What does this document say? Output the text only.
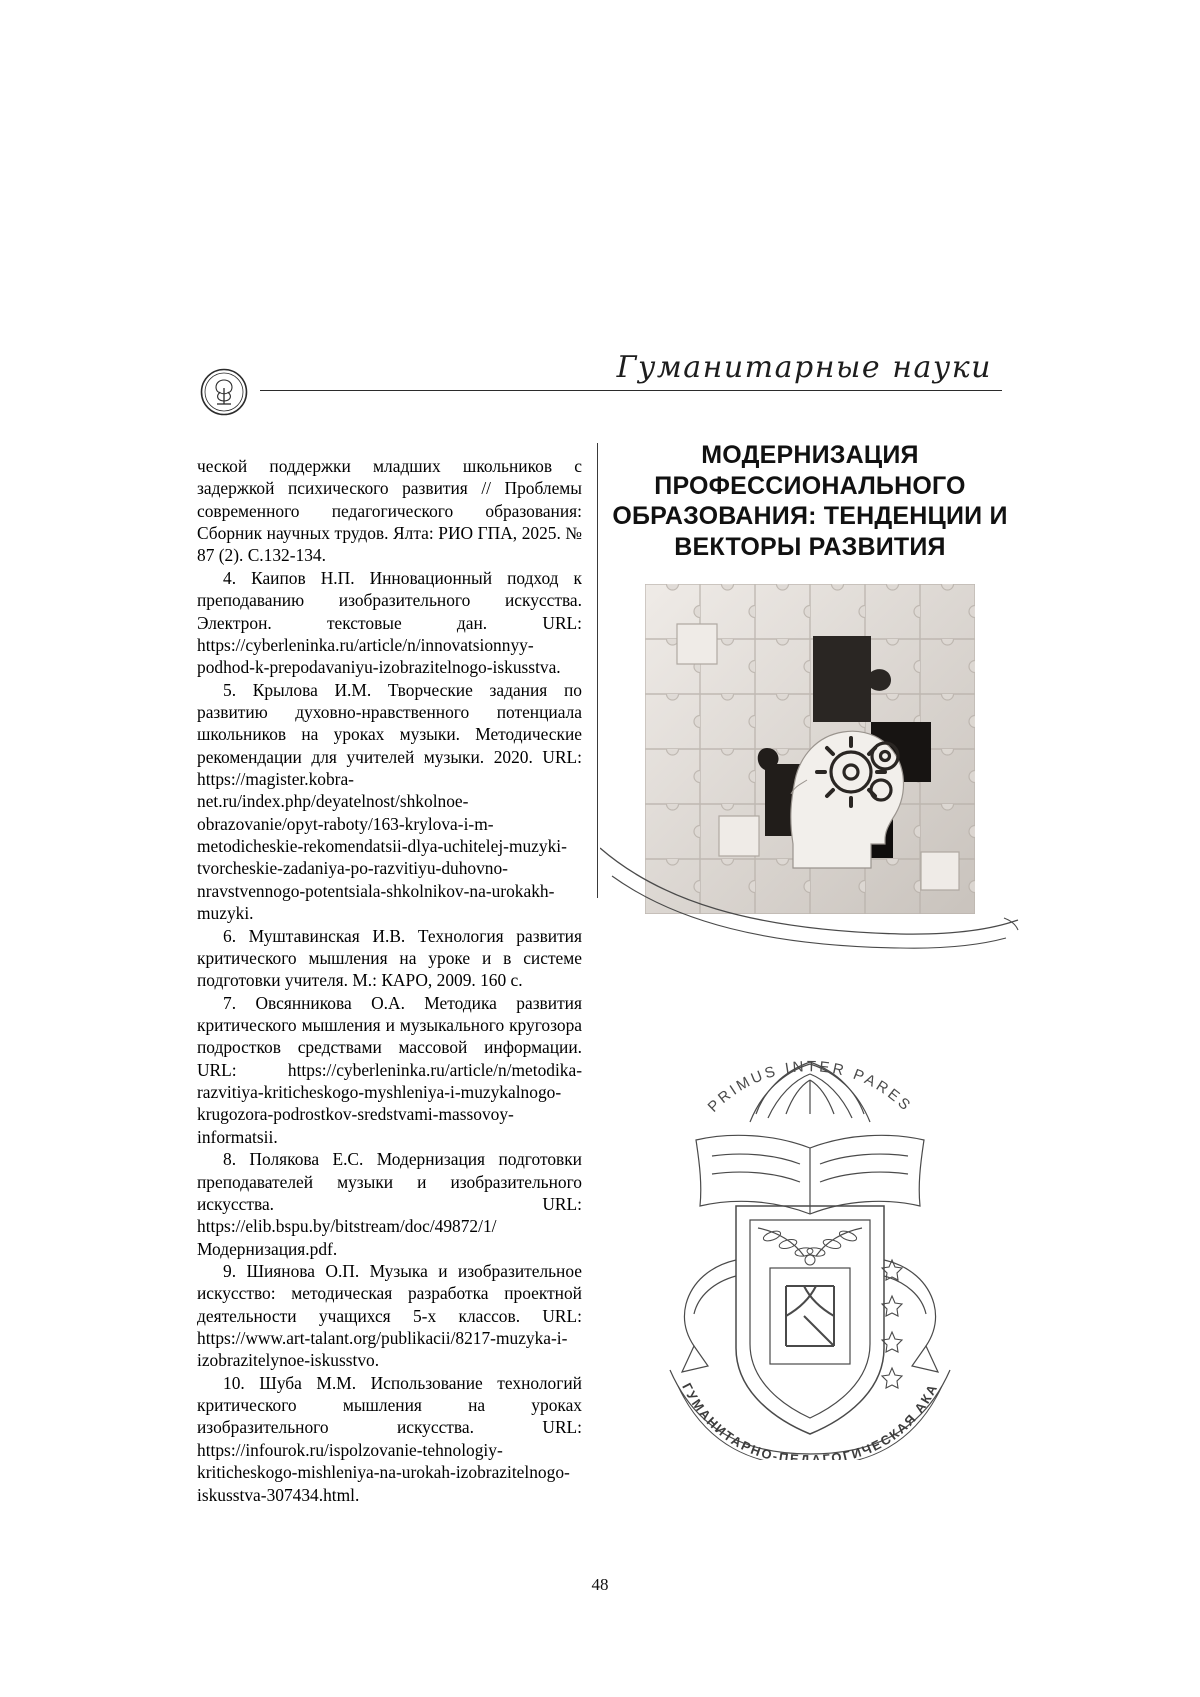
Гуманитарные науки

ческой поддержки младших школьников с задержкой психического развития // Проблемы современного педагогического образования: Сборник научных трудов. Ялта: РИО ГПА, 2025. № 87 (2). С.132-134.

4. Каипов Н.П. Инновационный подход к преподаванию изобразительного искусства. Электрон. текстовые дан. URL: https://cyberleninka.ru/article/n/innovatsionnyy-podhod-k-prepodavaniyu-izobrazitelnogo-iskusstva.

5. Крылова И.М. Творческие задания по развитию духовно-нравственного потенциала школьников на уроках музыки. Методические рекомендации для учителей музыки. 2020. URL: https://magister.kobra-net.ru/index.php/deyatelnost/shkolnoe-obrazovanie/opyt-raboty/163-krylova-i-m-metodicheskie-rekomendatsii-dlya-uchitelej-muzyki-tvorcheskie-zadaniya-po-razvitiyu-duhovno-nravstvennogo-potentsiala-shkolnikov-na-urokakh-muzyki.

6. Муштавинская И.В. Технология развития критического мышления на уроке и в системе подготовки учителя. М.: КАРО, 2009. 160 с.

7. Овсянникова О.А. Методика развития критического мышления и музыкального кругозора подростков средствами массовой информации. URL: https://cyberleninka.ru/article/n/metodika-razvitiya-kriticheskogo-myshleniya-i-muzykalnogo-krugozora-podrostkov-sredstvami-massovoy-informatsii.

8. Полякова Е.С. Модернизация подготовки преподавателей музыки и изобразительного искусства. URL: https://elib.bspu.by/bitstream/doc/49872/1/Модернизация.pdf.

9. Шиянова О.П. Музыка и изобразительное искусство: методическая разработка проектной деятельности учащихся 5-х классов. URL: https://www.art-talant.org/publikacii/8217-muzyka-i-izobrazitelynoe-iskusstvo.

10. Шуба М.М. Использование технологий критического мышления на уроках изобразительного искусства. URL: https://infourok.ru/ispolzovanie-tehnologiy-kriticheskogo-mishleniya-na-urokah-izobrazitelnogo-iskusstva-307434.html.

МОДЕРНИЗАЦИЯ ПРОФЕССИОНАЛЬНОГО ОБРАЗОВАНИЯ: ТЕНДЕНЦИИ И ВЕКТОРЫ РАЗВИТИЯ
PRIMUS INTER PARES
ГУМАНИТАРНО-ПЕДАГОГИЧЕСКАЯ АКА
48
